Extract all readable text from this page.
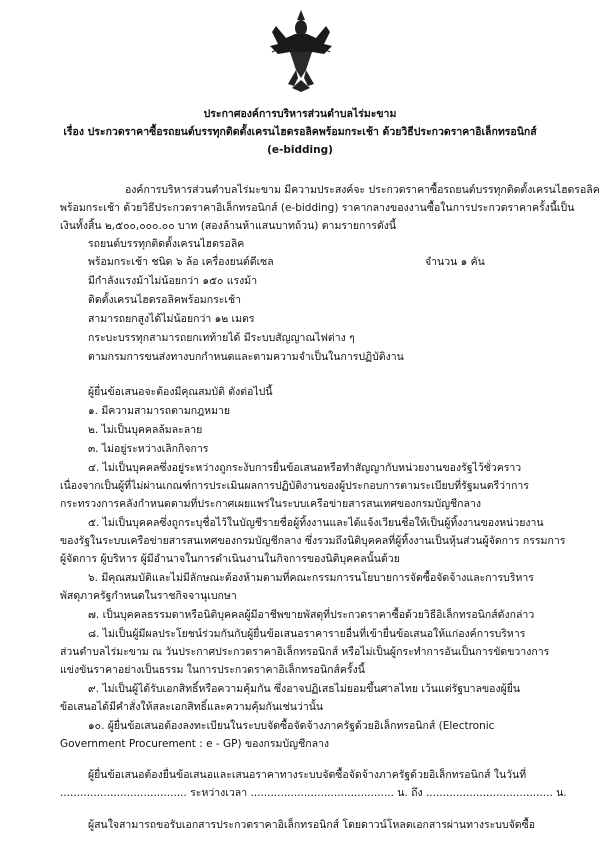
ประกาศองค์การบริหารส่วนตำบลไร่มะขาม
เรื่อง ประกวดราคาซื้อรถยนต์บรรทุกติดตั้งเครนไฮดรอลิคพร้อมกระเช้า ด้วยวิธีประกวดราคาอิเล็กทรอนิกส์
(e-bidding)
องค์การบริหารส่วนตำบลไร่มะขาม มีความประสงค์จะ ประกวดราคาซื้อรถยนต์บรรทุกติดตั้งเครนไฮดรอลิค
พร้อมกระเช้า ด้วยวิธีประกวดราคาอิเล็กทรอนิกส์ (e-bidding) ราคากลางของงานซื้อในการประกวดราคาครั้งนี้เป็น
เงินทั้งสิ้น ๒,๕๐๐,๐๐๐.๐๐ บาท (สองล้านห้าแสนบาทถ้วน) ตามรายการดังนี้
รถยนต์บรรทุกติดตั้งเครนไฮดรอลิค
พร้อมกระเช้า ชนิด ๖ ล้อ เครื่องยนต์ดีเซล	จำนวน ๑ คัน
มีกำลังแรงม้าไม่น้อยกว่า ๑๕๐ แรงม้า
ติดตั้งเครนไฮดรอลิคพร้อมกระเช้า
สามารถยกสูงได้ไม่น้อยกว่า ๑๒ เมตร
กระบะบรรทุกสามารถยกเทท้ายได้ มีระบบสัญญาณไฟต่าง ๆ
ตามกรมการขนส่งทางบกกำหนดและตามความจำเป็นในการปฏิบัติงาน
ผู้ยื่นข้อเสนอจะต้องมีคุณสมบัติ ดังต่อไปนี้
๑. มีความสามารถตามกฎหมาย
๒. ไม่เป็นบุคคลล้มละลาย
๓. ไม่อยู่ระหว่างเลิกกิจการ
๔. ไม่เป็นบุคคลซึ่งอยู่ระหว่างถูกระงับการยื่นข้อเสนอหรือทำสัญญากับหน่วยงานของรัฐไว้ชั่วคราว
เนื่องจากเป็นผู้ที่ไม่ผ่านเกณฑ์การประเมินผลการปฏิบัติงานของผู้ประกอบการตามระเบียบที่รัฐมนตรีว่าการ
กระทรวงการคลังกำหนดตามที่ประกาศเผยแพร่ในระบบเครือข่ายสารสนเทศของกรมบัญชีกลาง
๕. ไม่เป็นบุคคลซึ่งถูกระบุชื่อไว้ในบัญชีรายชื่อผู้ทิ้งงานและได้แจ้งเวียนชื่อให้เป็นผู้ทิ้งงานของหน่วยงาน
ของรัฐในระบบเครือข่ายสารสนเทศของกรมบัญชีกลาง ซึ่งรวมถึงนิติบุคคลที่ผู้ทิ้งงานเป็นหุ้นส่วนผู้จัดการ กรรมการ
ผู้จัดการ ผู้บริหาร ผู้มีอำนาจในการดำเนินงานในกิจการของนิติบุคคลนั้นด้วย
๖. มีคุณสมบัติและไม่มีลักษณะต้องห้ามตามที่คณะกรรมการนโยบายการจัดซื้อจัดจ้างและการบริหาร
พัสดุภาครัฐกำหนดในราชกิจจานุเบกษา
๗. เป็นบุคคลธรรมดาหรือนิติบุคคลผู้มีอาชีพขายพัสดุที่ประกวดราคาซื้อด้วยวิธีอิเล็กทรอนิกส์ดังกล่าว
๘. ไม่เป็นผู้มีผลประโยชน์ร่วมกันกับผู้ยื่นข้อเสนอราคารายอื่นที่เข้ายื่นข้อเสนอให้แก่องค์การบริหาร
ส่วนตำบลไร่มะขาม ณ วันประกาศประกวดราคาอิเล็กทรอนิกส์ หรือไม่เป็นผู้กระทำการอันเป็นการขัดขวางการ
แข่งขันราคาอย่างเป็นธรรม ในการประกวดราคาอิเล็กทรอนิกส์ครั้งนี้
๙. ไม่เป็นผู้ได้รับเอกสิทธิ์หรือความคุ้มกัน ซึ่งอาจปฏิเสธไม่ยอมขึ้นศาลไทย เว้นแต่รัฐบาลของผู้ยื่น
ข้อเสนอได้มีคำสั่งให้สละเอกสิทธิ์และความคุ้มกันเช่นว่านั้น
๑๐. ผู้ยื่นข้อเสนอต้องลงทะเบียนในระบบจัดซื้อจัดจ้างภาครัฐด้วยอิเล็กทรอนิกส์ (Electronic
Government Procurement : e - GP) ของกรมบัญชีกลาง
ผู้ยื่นข้อเสนอต้องยื่นข้อเสนอและเสนอราคาทางระบบจัดซื้อจัดจ้างภาครัฐด้วยอิเล็กทรอนิกส์ ในวันที่
...................................... ระหว่างเวลา ........................................... น. ถึง ...................................... น.
ผู้สนใจสามารถขอรับเอกสารประกวดราคาอิเล็กทรอนิกส์ โดยดาวน์โหลดเอกสารผ่านทางระบบจัดซื้อ
